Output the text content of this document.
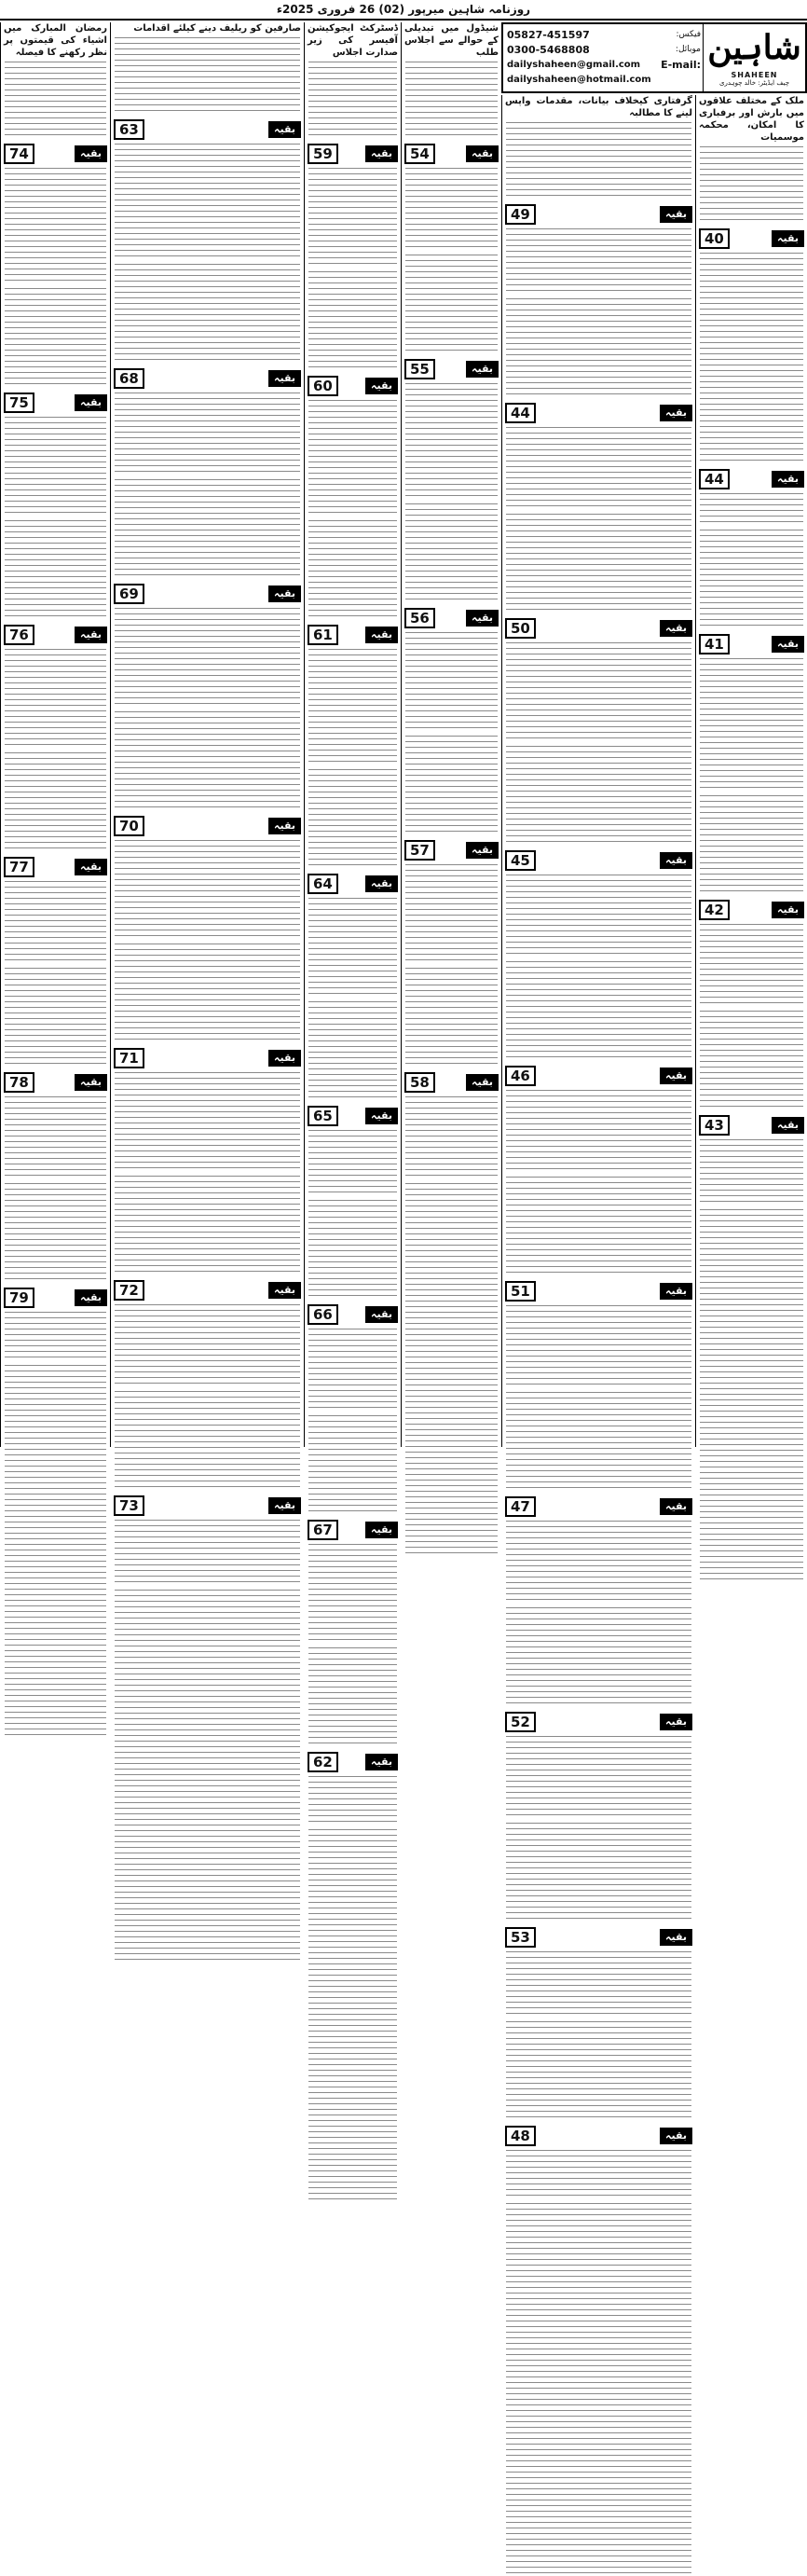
روزنامہ شاہین میرپور (02) 26 فروری 2025ء
شاہین
SHAHEEN
چیف ایڈیٹر: خالد چوہدری
05827-451597	فیکس:
0300-5468808	موبائل:
dailyshaheen@gmail.com E-mail:
dailyshaheen@hotmail.com
ملک کے مختلف علاقوں میں بارش اور برفباری کا امکان، محکمہ موسمیات
40	بقیہ
44	بقیہ
41	بقیہ
42	بقیہ
43	بقیہ
گرفتاری کیخلاف بیانات، مقدمات واپس لینے کا مطالبہ
49	بقیہ
44	بقیہ
50	بقیہ
45	بقیہ
46	بقیہ
51	بقیہ
47	بقیہ
52	بقیہ
53	بقیہ
48	بقیہ
شیڈول میں تبدیلی کے حوالے سے اجلاس طلب
54	بقیہ
55	بقیہ
56	بقیہ
57	بقیہ
58	بقیہ
ڈسٹرکٹ ایجوکیشن آفیسر کی زیر صدارت اجلاس
59	بقیہ
60	بقیہ
61	بقیہ
64	بقیہ
65	بقیہ
66	بقیہ
67	بقیہ
62	بقیہ
صارفین کو ریلیف دینے کیلئے اقدامات
63	بقیہ
68	بقیہ
69	بقیہ
70	بقیہ
71	بقیہ
72	بقیہ
73	بقیہ
رمضان المبارک میں اشیاء کی قیمتوں پر نظر رکھنے کا فیصلہ
74	بقیہ
75	بقیہ
76	بقیہ
77	بقیہ
78	بقیہ
79	بقیہ
